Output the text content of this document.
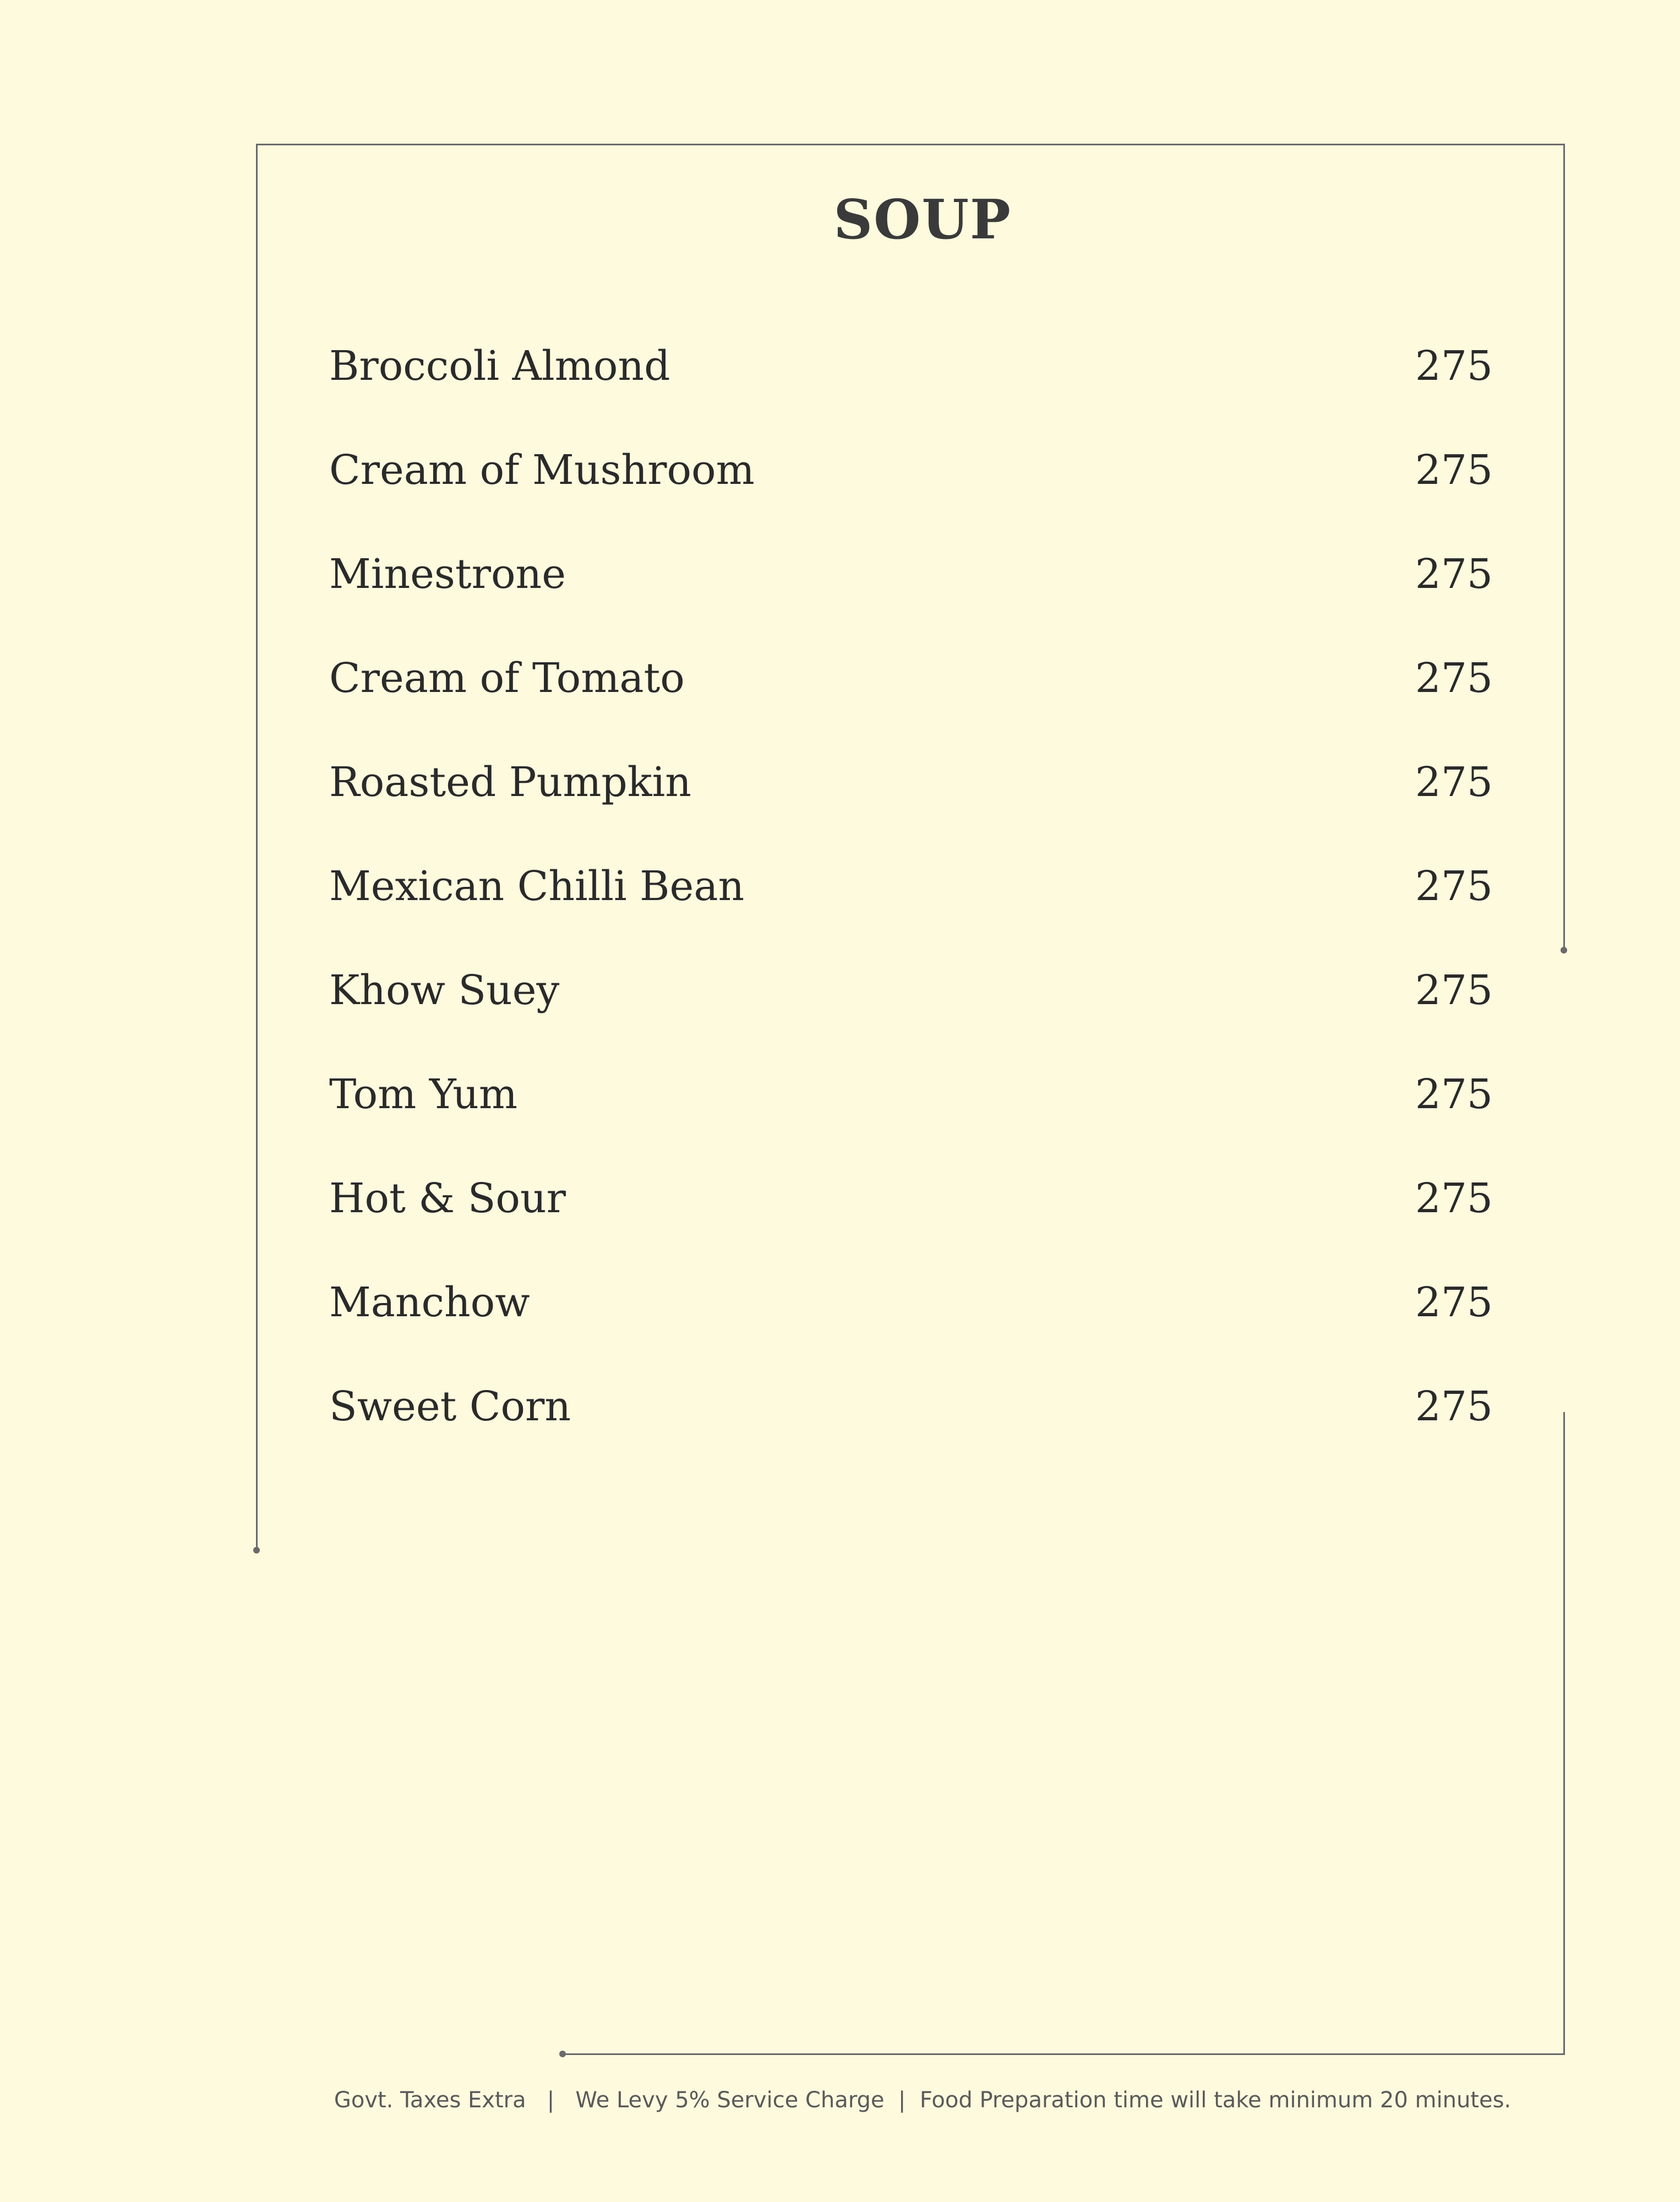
SOUP
Broccoli Almond	275
Cream of Mushroom	275
Minestrone	275
Cream of Tomato	275
Roasted Pumpkin	275
Mexican Chilli Bean	275
Khow Suey	275
Tom Yum	275
Hot & Sour	275
Manchow	275
Sweet Corn	275
Govt. Taxes Extra | We Levy 5% Service Charge | Food Preparation time will take minimum 20 minutes.
